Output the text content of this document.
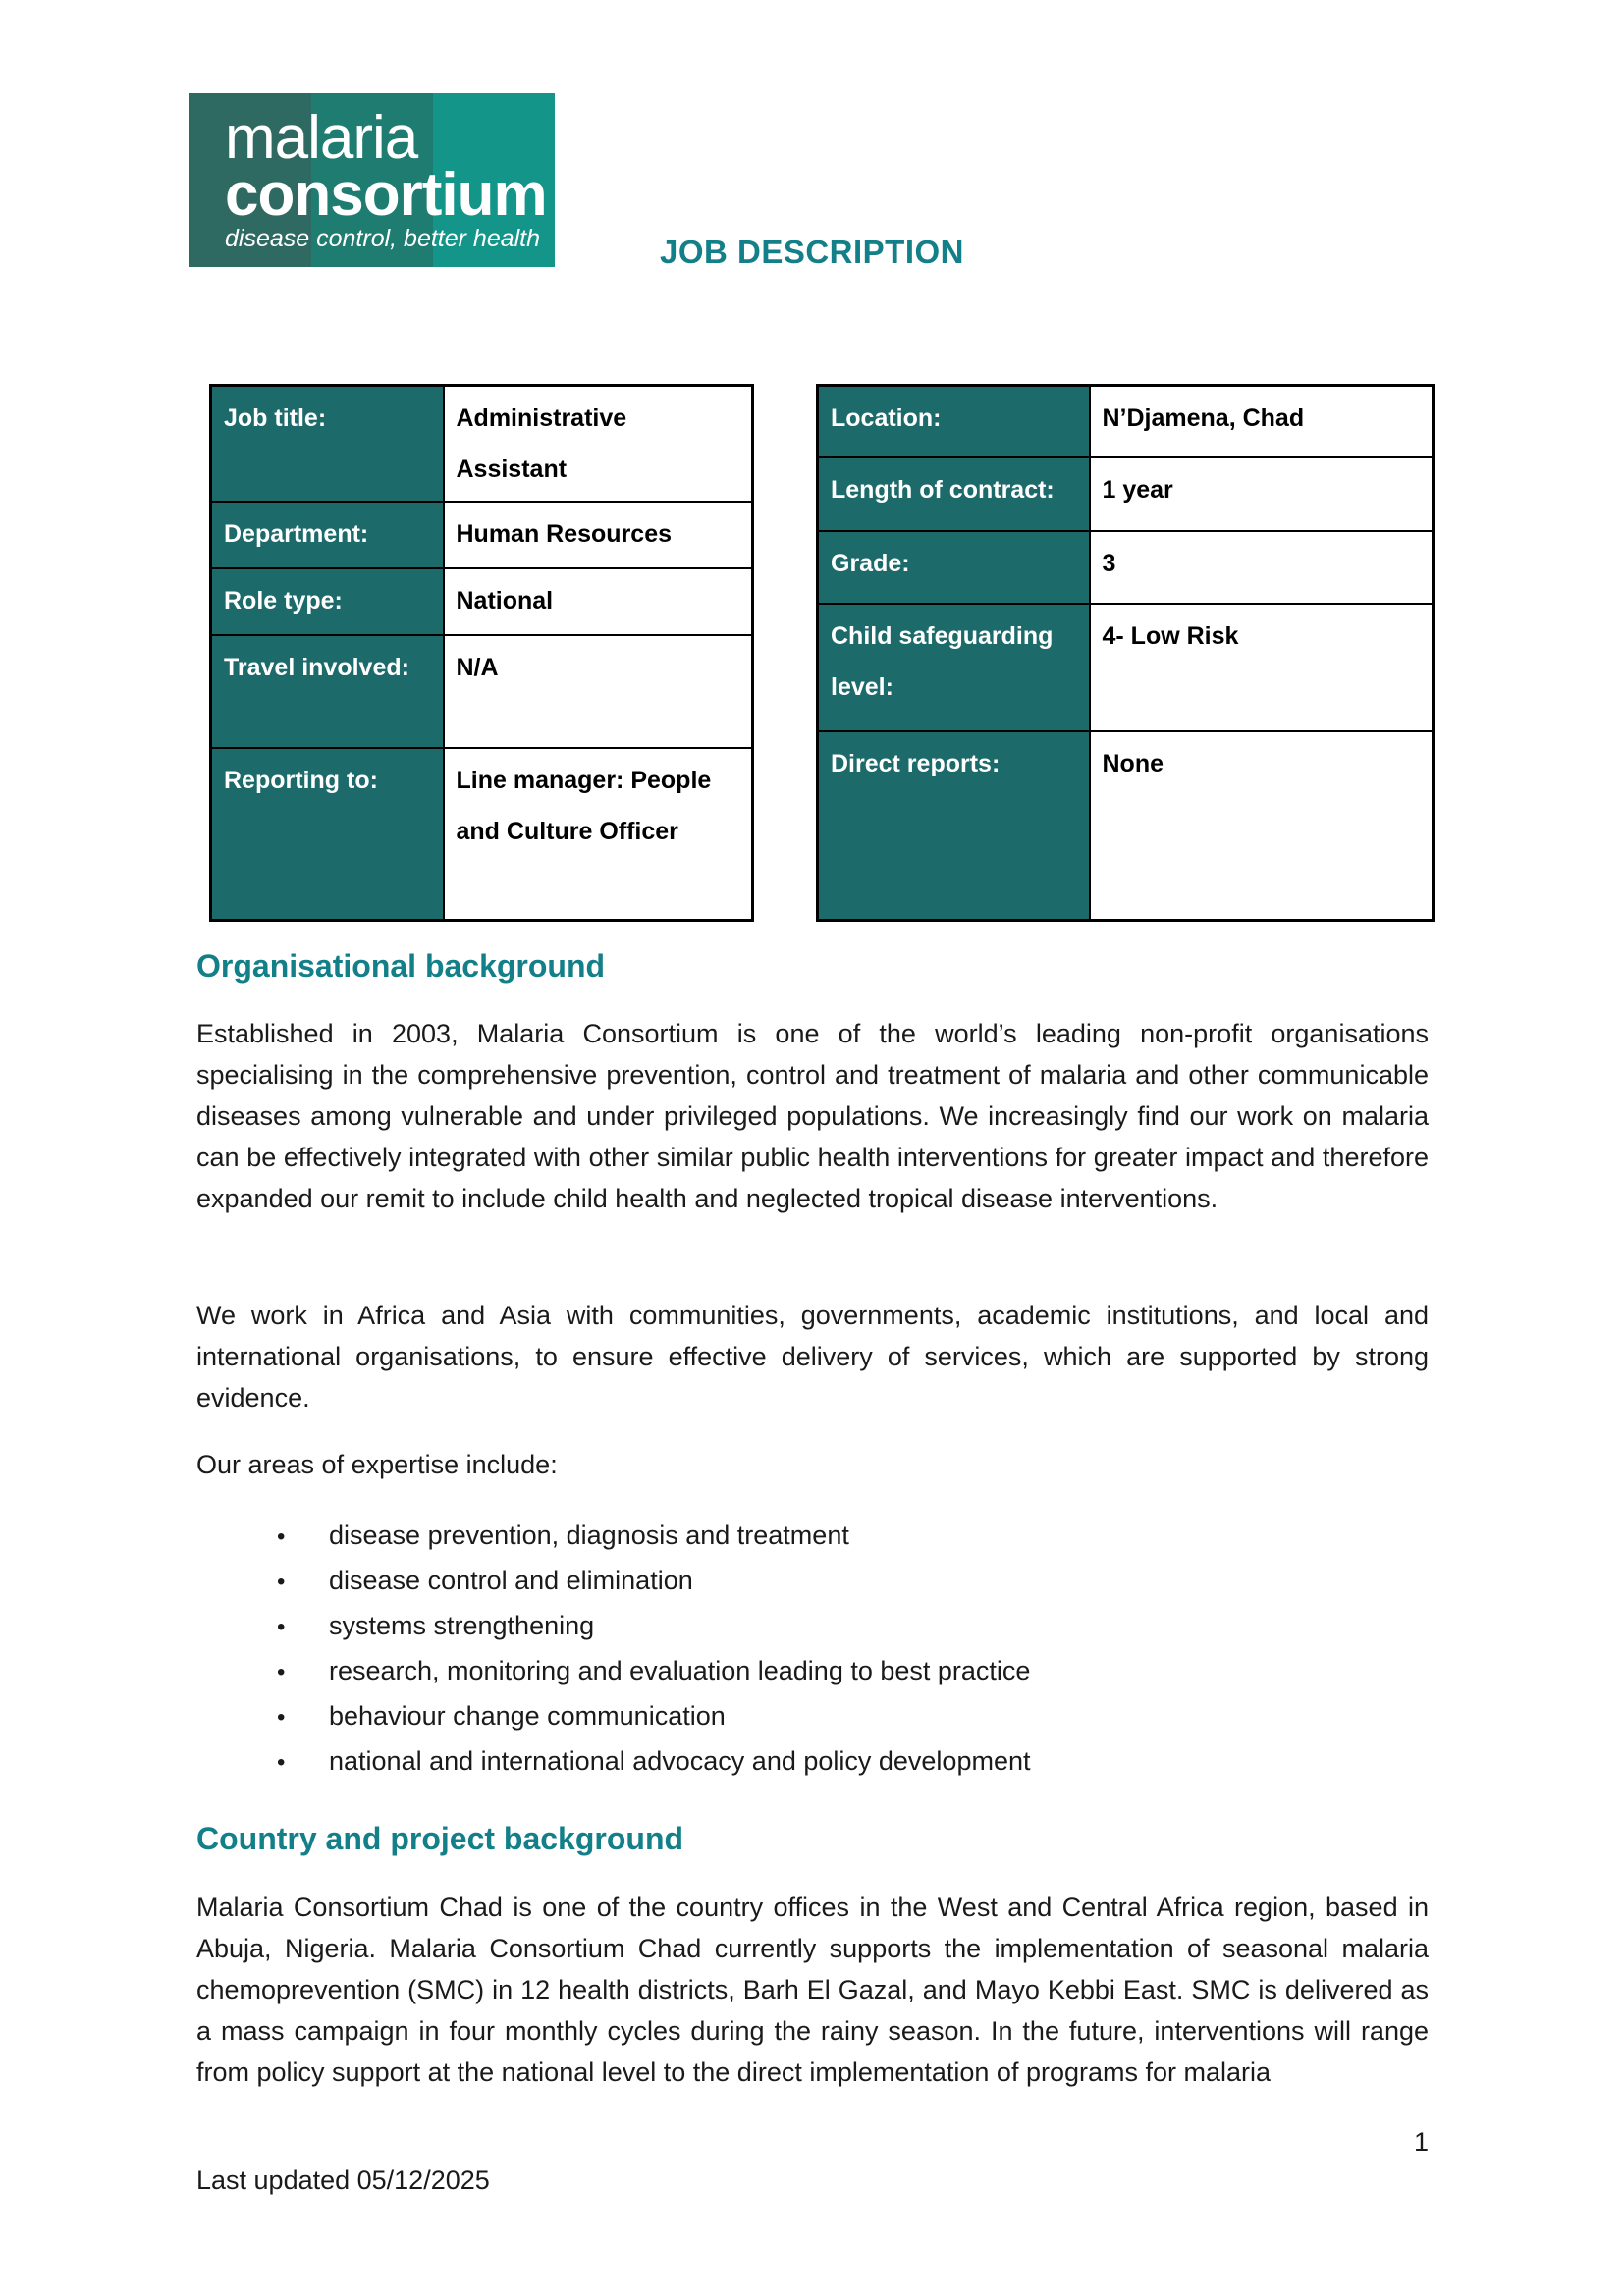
malaria
consortium
disease control, better health	JOB DESCRIPTION
Job title:	Administrative Assistant
Department:	Human Resources
Role type:	National
Travel involved:	N/A
Reporting to:	Line manager: People and Culture Officer
Location:	N’Djamena, Chad
Length of contract:	1 year
Grade:	3
Child safeguarding level:	4- Low Risk
Direct reports:	None
Organisational background
Established in 2003, Malaria Consortium is one of the world’s leading non-profit organisations specialising in the comprehensive prevention, control and treatment of malaria and other communicable diseases among vulnerable and under privileged populations. We increasingly find our work on malaria can be effectively integrated with other similar public health interventions for greater impact and therefore expanded our remit to include child health and neglected tropical disease interventions.
We work in Africa and Asia with communities, governments, academic institutions, and local and international organisations, to ensure effective delivery of services, which are supported by strong evidence.
Our areas of expertise include:
•	disease prevention, diagnosis and treatment
•	disease control and elimination
•	systems strengthening
•	research, monitoring and evaluation leading to best practice
•	behaviour change communication
•	national and international advocacy and policy development
Country and project background
Malaria Consortium Chad is one of the country offices in the West and Central Africa region, based in Abuja, Nigeria. Malaria Consortium Chad currently supports the implementation of seasonal malaria chemoprevention (SMC) in 12 health districts, Barh El Gazal, and Mayo Kebbi East. SMC is delivered as a mass campaign in four monthly cycles during the rainy season. In the future, interventions will range from policy support at the national level to the direct implementation of programs for malaria
1
Last updated 05/12/2025
